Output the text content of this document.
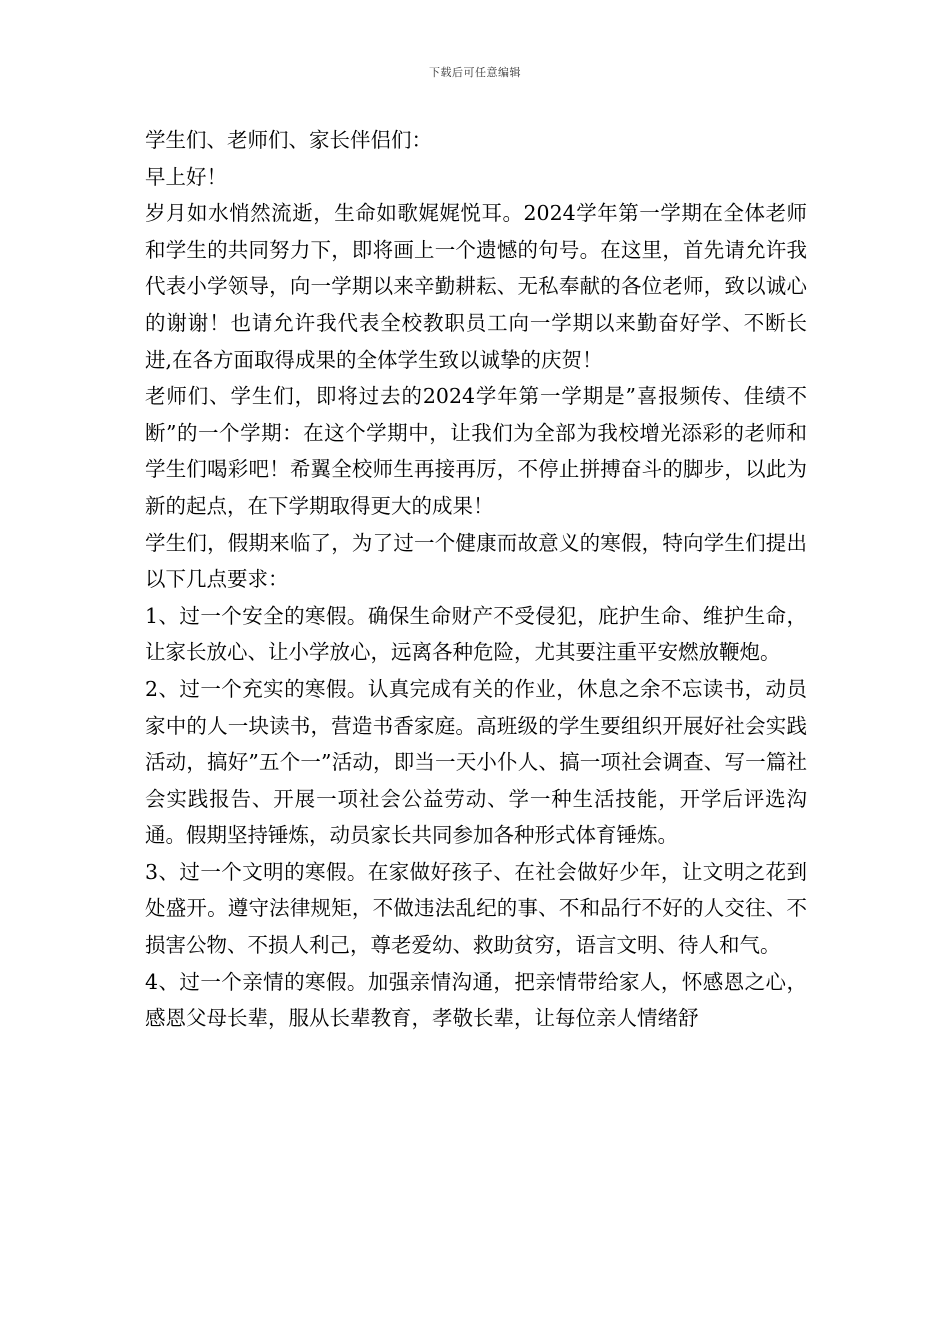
下载后可任意编辑

学生们、老师们、家长伴侣们：

早上好！

岁月如水悄然流逝，生命如歌娓娓悦耳。2024学年第一学期在全体老师和学生的共同努力下，即将画上一个遗憾的句号。在这里，首先请允许我代表小学领导，向一学期以来辛勤耕耘、无私奉献的各位老师，致以诚心的谢谢！也请允许我代表全校教职员工向一学期以来勤奋好学、不断长进,在各方面取得成果的全体学生致以诚挚的庆贺！

老师们、学生们，即将过去的2024学年第一学期是”喜报频传、佳绩不断”的一个学期：在这个学期中，让我们为全部为我校增光添彩的老师和学生们喝彩吧！希翼全校师生再接再厉，不停止拼搏奋斗的脚步，以此为新的起点，在下学期取得更大的成果！

学生们，假期来临了，为了过一个健康而故意义的寒假，特向学生们提出以下几点要求：

1、过一个安全的寒假。确保生命财产不受侵犯，庇护生命、维护生命，让家长放心、让小学放心，远离各种危险，尤其要注重平安燃放鞭炮。

2、过一个充实的寒假。认真完成有关的作业，休息之余不忘读书，动员家中的人一块读书，营造书香家庭。高班级的学生要组织开展好社会实践活动，搞好”五个一”活动，即当一天小仆人、搞一项社会调查、写一篇社会实践报告、开展一项社会公益劳动、学一种生活技能，开学后评选沟通。假期坚持锤炼，动员家长共同参加各种形式体育锤炼。

3、过一个文明的寒假。在家做好孩子、在社会做好少年，让文明之花到处盛开。遵守法律规矩，不做违法乱纪的事、不和品行不好的人交往、不损害公物、不损人利己，尊老爱幼、救助贫穷，语言文明、待人和气。

4、过一个亲情的寒假。加强亲情沟通，把亲情带给家人，怀感恩之心，感恩父母长辈，服从长辈教育，孝敬长辈，让每位亲人情绪舒
